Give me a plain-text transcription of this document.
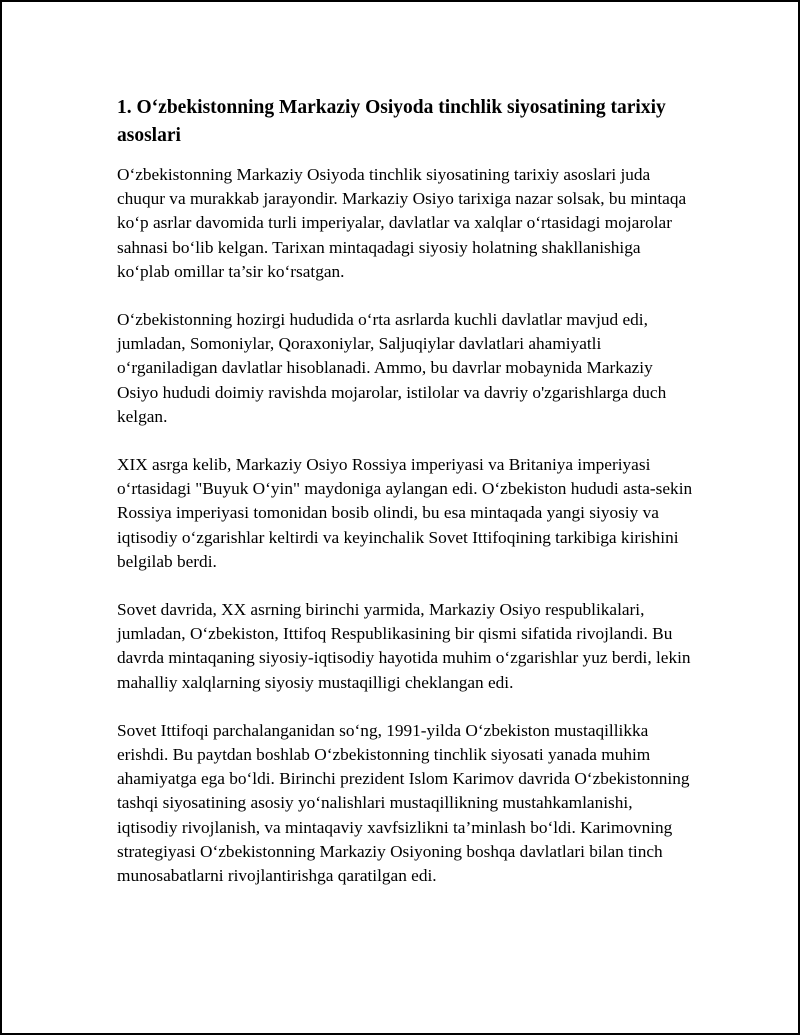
1. O‘zbekistonning Markaziy Osiyoda tinchlik siyosatining tarixiy asoslari

O‘zbekistonning Markaziy Osiyoda tinchlik siyosatining tarixiy asoslari juda chuqur va murakkab jarayondir. Markaziy Osiyo tarixiga nazar solsak, bu mintaqa ko‘p asrlar davomida turli imperiyalar, davlatlar va xalqlar o‘rtasidagi mojarolar sahnasi bo‘lib kelgan. Tarixan mintaqadagi siyosiy holatning shakllanishiga ko‘plab omillar ta’sir ko‘rsatgan.

O‘zbekistonning hozirgi hududida o‘rta asrlarda kuchli davlatlar mavjud edi, jumladan, Somoniylar, Qoraxoniylar, Saljuqiylar davlatlari ahamiyatli o‘rganiladigan davlatlar hisoblanadi. Ammo, bu davrlar mobaynida Markaziy Osiyo hududi doimiy ravishda mojarolar, istilolar va davriy o'zgarishlarga duch kelgan.

XIX asrga kelib, Markaziy Osiyo Rossiya imperiyasi va Britaniya imperiyasi o‘rtasidagi "Buyuk O‘yin" maydoniga aylangan edi. O‘zbekiston hududi asta-sekin Rossiya imperiyasi tomonidan bosib olindi, bu esa mintaqada yangi siyosiy va iqtisodiy o‘zgarishlar keltirdi va keyinchalik Sovet Ittifoqining tarkibiga kirishini belgilab berdi.

Sovet davrida, XX asrning birinchi yarmida, Markaziy Osiyo respublikalari, jumladan, O‘zbekiston, Ittifoq Respublikasining bir qismi sifatida rivojlandi. Bu davrda mintaqaning siyosiy-iqtisodiy hayotida muhim o‘zgarishlar yuz berdi, lekin mahalliy xalqlarning siyosiy mustaqilligi cheklangan edi.

Sovet Ittifoqi parchalanganidan so‘ng, 1991-yilda O‘zbekiston mustaqillikka erishdi. Bu paytdan boshlab O‘zbekistonning tinchlik siyosati yanada muhim ahamiyatga ega bo‘ldi. Birinchi prezident Islom Karimov davrida O‘zbekistonning tashqi siyosatining asosiy yo‘nalishlari mustaqillikning mustahkamlanishi, iqtisodiy rivojlanish, va mintaqaviy xavfsizlikni ta’minlash bo‘ldi. Karimovning strategiyasi O‘zbekistonning Markaziy Osiyoning boshqa davlatlari bilan tinch munosabatlarni rivojlantirishga qaratilgan edi.
